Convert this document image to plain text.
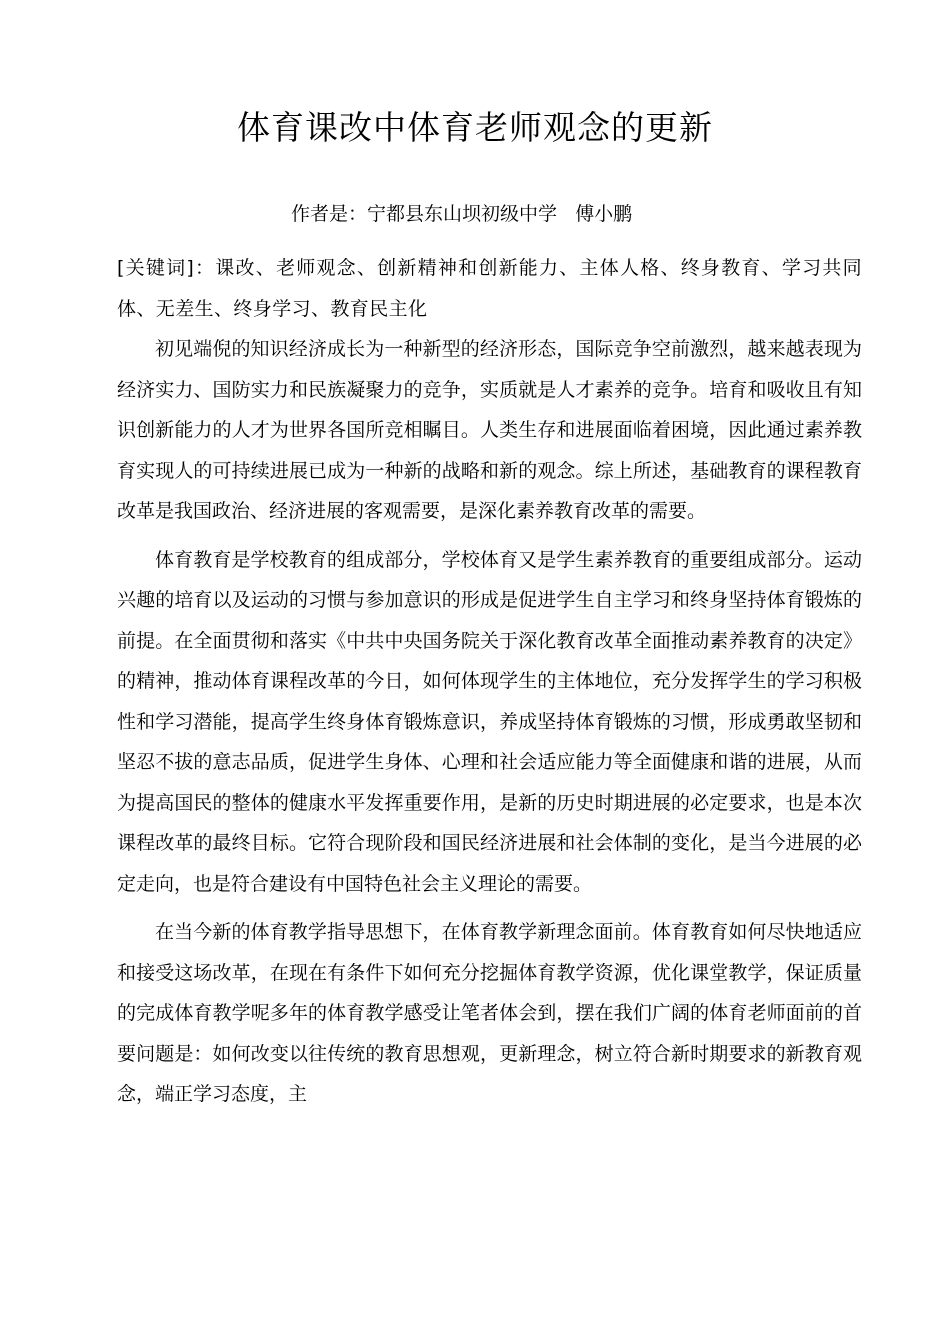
体育课改中体育老师观念的更新

作者是：宁都县东山坝初级中学   傅小鹏

[关键词]：课改、老师观念、创新精神和创新能力、主体人格、终身教育、学习共同体、无差生、终身学习、教育民主化

初见端倪的知识经济成长为一种新型的经济形态，国际竞争空前激烈，越来越表现为经济实力、国防实力和民族凝聚力的竞争，实质就是人才素养的竞争。培育和吸收且有知识创新能力的人才为世界各国所竞相瞩目。人类生存和进展面临着困境，因此通过素养教育实现人的可持续进展已成为一种新的战略和新的观念。综上所述，基础教育的课程教育改革是我国政治、经济进展的客观需要，是深化素养教育改革的需要。

体育教育是学校教育的组成部分，学校体育又是学生素养教育的重要组成部分。运动兴趣的培育以及运动的习惯与参加意识的形成是促进学生自主学习和终身坚持体育锻炼的前提。在全面贯彻和落实《中共中央国务院关于深化教育改革全面推动素养教育的决定》的精神，推动体育课程改革的今日，如何体现学生的主体地位，充分发挥学生的学习积极性和学习潜能，提高学生终身体育锻炼意识，养成坚持体育锻炼的习惯，形成勇敢坚韧和坚忍不拔的意志品质，促进学生身体、心理和社会适应能力等全面健康和谐的进展，从而为提高国民的整体的健康水平发挥重要作用，是新的历史时期进展的必定要求，也是本次课程改革的最终目标。它符合现阶段和国民经济进展和社会体制的变化，是当今进展的必定走向，也是符合建设有中国特色社会主义理论的需要。

在当今新的体育教学指导思想下，在体育教学新理念面前。体育教育如何尽快地适应和接受这场改革，在现在有条件下如何充分挖掘体育教学资源，优化课堂教学，保证质量的完成体育教学呢多年的体育教学感受让笔者体会到，摆在我们广阔的体育老师面前的首要问题是：如何改变以往传统的教育思想观，更新理念，树立符合新时期要求的新教育观念，端正学习态度，主
